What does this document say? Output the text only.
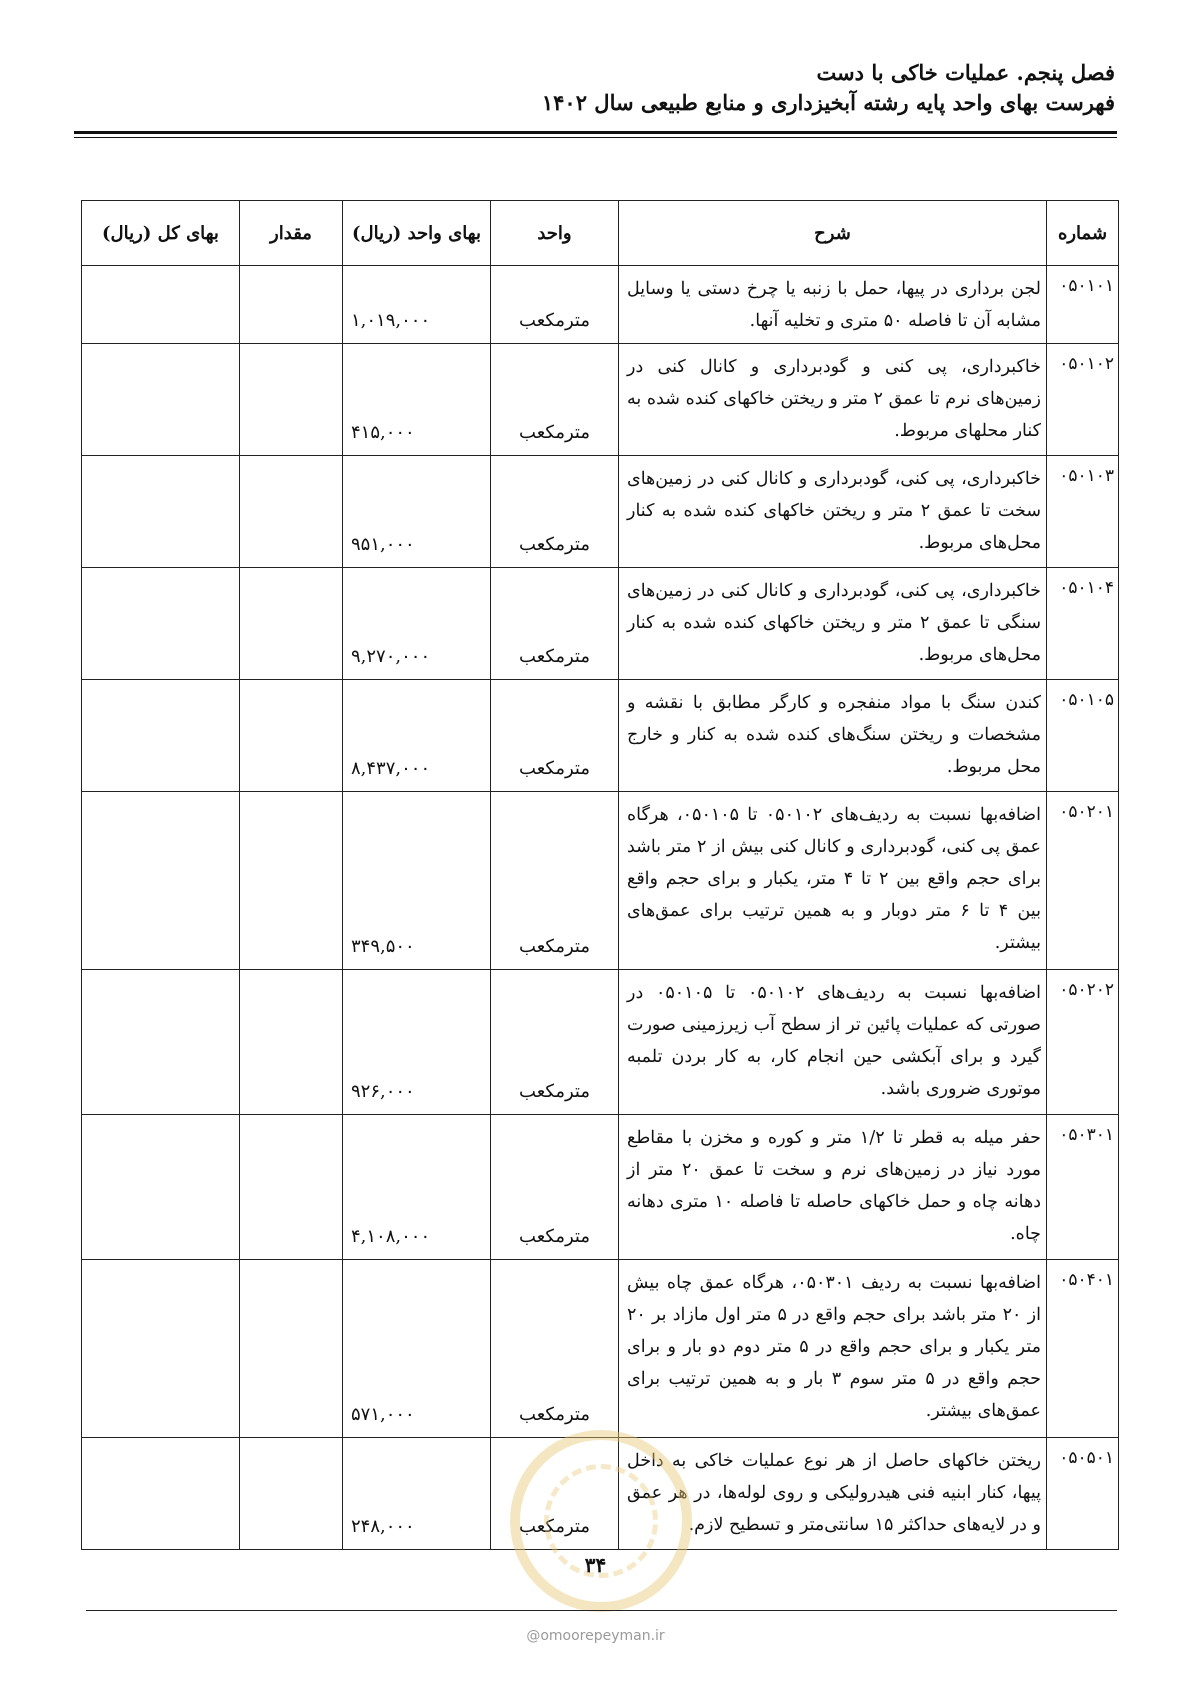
فصل پنجم. عملیات خاکی با دست
فهرست بهای واحد پایه رشته آبخیزداری و منابع طبیعی سال ۱۴۰۲
شماره	شرح	واحد	بهای واحد (ریال)	مقدار	بهای کل (ریال)
۰۵۰۱۰۱	لجن برداری در پیها، حمل با زنبه یا چرخ دستی یا وسایل مشابه آن تا فاصله ۵۰ متری و تخلیه آنها.	مترمکعب	۱,۰۱۹,۰۰۰		
۰۵۰۱۰۲	خاکبرداری، پی کنی و گودبرداری و کانال کنی در زمین‌های نرم تا عمق ۲ متر و ریختن خاکهای کنده شده به کنار محلهای مربوط.	مترمکعب	۴۱۵,۰۰۰		
۰۵۰۱۰۳	خاکبرداری، پی کنی، گودبرداری و کانال کنی در زمین‌های سخت تا عمق ۲ متر و ریختن خاکهای کنده شده به کنار محل‌های مربوط.	مترمکعب	۹۵۱,۰۰۰		
۰۵۰۱۰۴	خاکبرداری، پی کنی، گودبرداری و کانال کنی در زمین‌های سنگی تا عمق ۲ متر و ریختن خاکهای کنده شده به کنار محل‌های مربوط.	مترمکعب	۹,۲۷۰,۰۰۰		
۰۵۰۱۰۵	کندن سنگ با مواد منفجره و کارگر مطابق با نقشه و مشخصات و ریختن سنگ‌های کنده شده به کنار و خارج محل مربوط.	مترمکعب	۸,۴۳۷,۰۰۰		
۰۵۰۲۰۱	اضافه‌بها نسبت به ردیف‌های ۰۵۰۱۰۲ تا ۰۵۰۱۰۵، هرگاه عمق پی کنی، گودبرداری و کانال کنی بیش از ۲ متر باشد برای حجم واقع بین ۲ تا ۴ متر، یکبار و برای حجم واقع بین ۴ تا ۶ متر دوبار و به همین ترتیب برای عمق‌های بیشتر.	مترمکعب	۳۴۹,۵۰۰		
۰۵۰۲۰۲	اضافه‌بها نسبت به ردیف‌های ۰۵۰۱۰۲ تا ۰۵۰۱۰۵ در صورتی که عملیات پائین تر از سطح آب زیرزمینی صورت گیرد و برای آبکشی حین انجام کار، به کار بردن تلمبه موتوری ضروری باشد.	مترمکعب	۹۲۶,۰۰۰		
۰۵۰۳۰۱	حفر میله به قطر تا ۱/۲ متر و کوره و مخزن با مقاطع مورد نیاز در زمین‌های نرم و سخت تا عمق ۲۰ متر از دهانه چاه و حمل خاکهای حاصله تا فاصله ۱۰ متری دهانه چاه.	مترمکعب	۴,۱۰۸,۰۰۰		
۰۵۰۴۰۱	اضافه‌بها نسبت به ردیف ۰۵۰۳۰۱، هرگاه عمق چاه بیش از ۲۰ متر باشد برای حجم واقع در ۵ متر اول مازاد بر ۲۰ متر یکبار و برای حجم واقع در ۵ متر دوم دو بار و برای حجم واقع در ۵ متر سوم ۳ بار و به همین ترتیب برای عمق‌های بیشتر.	مترمکعب	۵۷۱,۰۰۰		
۰۵۰۵۰۱	ریختن خاکهای حاصل از هر نوع عملیات خاکی به داخل پیها، کنار ابنیه فنی هیدرولیکی و روی لوله‌ها، در هر عمق و در لایه‌های حداکثر ۱۵ سانتی‌متر و تسطیح لازم.	مترمکعب	۲۴۸,۰۰۰		
۳۴
@omoorepeyman.ir
